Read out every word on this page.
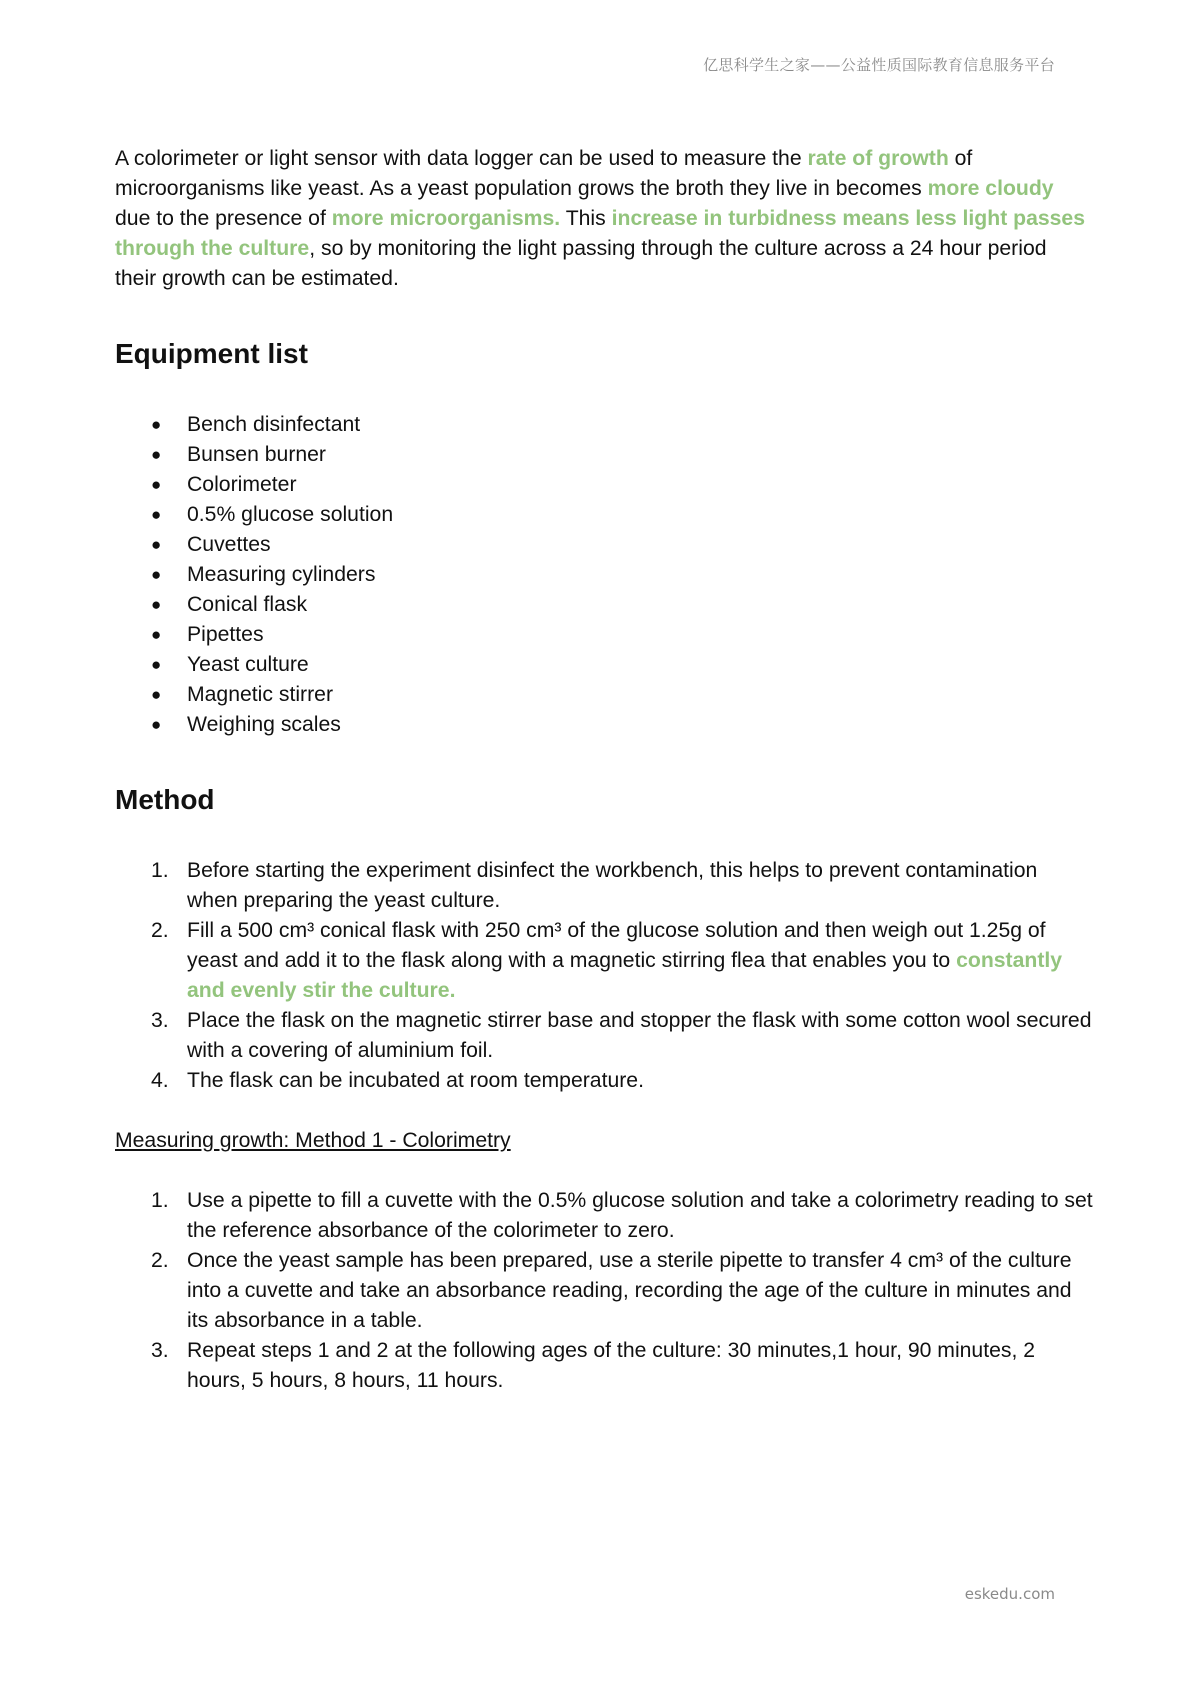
亿思科学生之家——公益性质国际教育信息服务平台

A colorimeter or light sensor with data logger can be used to measure the rate of growth of microorganisms like yeast. As a yeast population grows the broth they live in becomes more cloudy due to the presence of more microorganisms. This increase in turbidness means less light passes through the culture, so by monitoring the light passing through the culture across a 24 hour period their growth can be estimated.

Equipment list
● Bench disinfectant
● Bunsen burner
● Colorimeter
● 0.5% glucose solution
● Cuvettes
● Measuring cylinders
● Conical flask
● Pipettes
● Yeast culture
● Magnetic stirrer
● Weighing scales
Method
1. Before starting the experiment disinfect the workbench, this helps to prevent contamination when preparing the yeast culture.
2. Fill a 500 cm³ conical flask with 250 cm³ of the glucose solution and then weigh out 1.25g of yeast and add it to the flask along with a magnetic stirring flea that enables you to constantly and evenly stir the culture.
3. Place the flask on the magnetic stirrer base and stopper the flask with some cotton wool secured with a covering of aluminium foil.
4. The flask can be incubated at room temperature.

Measuring growth: Method 1 - Colorimetry

1. Use a pipette to fill a cuvette with the 0.5% glucose solution and take a colorimetry reading to set the reference absorbance of the colorimeter to zero.
2. Once the yeast sample has been prepared, use a sterile pipette to transfer 4 cm³ of the culture into a cuvette and take an absorbance reading, recording the age of the culture in minutes and its absorbance in a table.
3. Repeat steps 1 and 2 at the following ages of the culture: 30 minutes,1 hour, 90 minutes, 2 hours, 5 hours, 8 hours, 11 hours.
eskedu.com
